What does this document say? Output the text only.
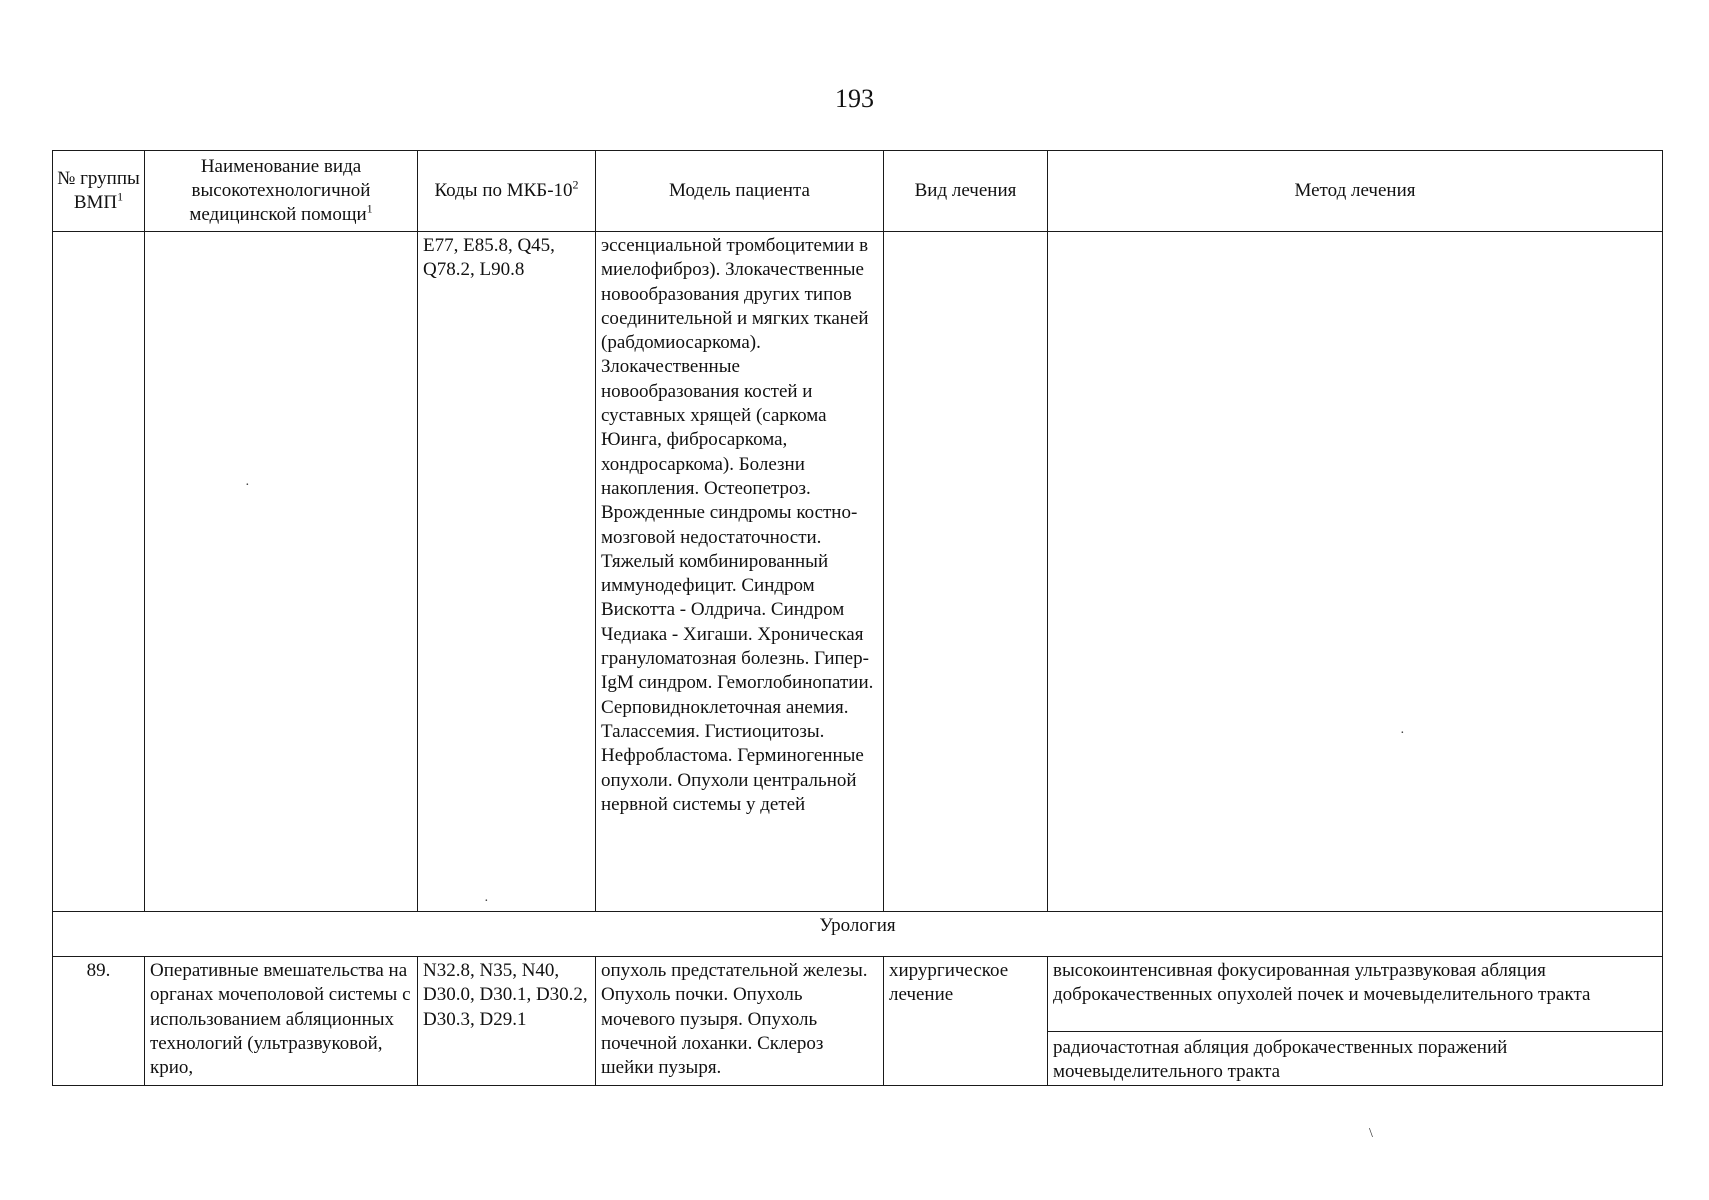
193
№ группы ВМП$^1$	Наименование вида высокотехнологичной медицинской помощи$^1$	Коды по МКБ-$10^2$	Модель пациента	Вид лечения	Метод лечения
		E77, E85.8, Q45, Q78.2, L90.8	эссенциальной тромбоцитемии в миелофиброз). Злокачественные новообразования других типов соединительной и мягких тканей (рабдомиосаркома). Злокачественные новообразования костей и суставных хрящей (саркома Юинга, фибросаркома, хондросаркома). Болезни накопления. Остеопетроз. Врожденные синдромы костно-мозговой недостаточности. Тяжелый комбинированный иммунодефицит. Синдром Вискотта - Олдрича. Синдром Чедиака - Хигаши. Хроническая грануломатозная болезнь. Гипер-IgM синдром. Гемоглобинопатии. Серповидноклеточная анемия. Талассемия. Гистиоцитозы. Нефробластома. Герминогенные опухоли. Опухоли центральной нервной системы у детей		
Урология					
89.	Оперативные вмешательства на органах мочеполовой системы с использованием абляционных технологий (ультразвуковой, крио,	N32.8, N35, N40, D30.0, D30.1, D30.2, D30.3, D29.1	опухоль предстательной железы. Опухоль почки. Опухоль мочевого пузыря. Опухоль почечной лоханки. Склероз шейки пузыря.	хирургическое лечение	высокоинтенсивная фокусированная ультразвуковая абляция доброкачественных опухолей почек и мочевыделительного тракта
радиочастотная абляция доброкачественных поражений мочевыделительного тракта
·
·
·
\
